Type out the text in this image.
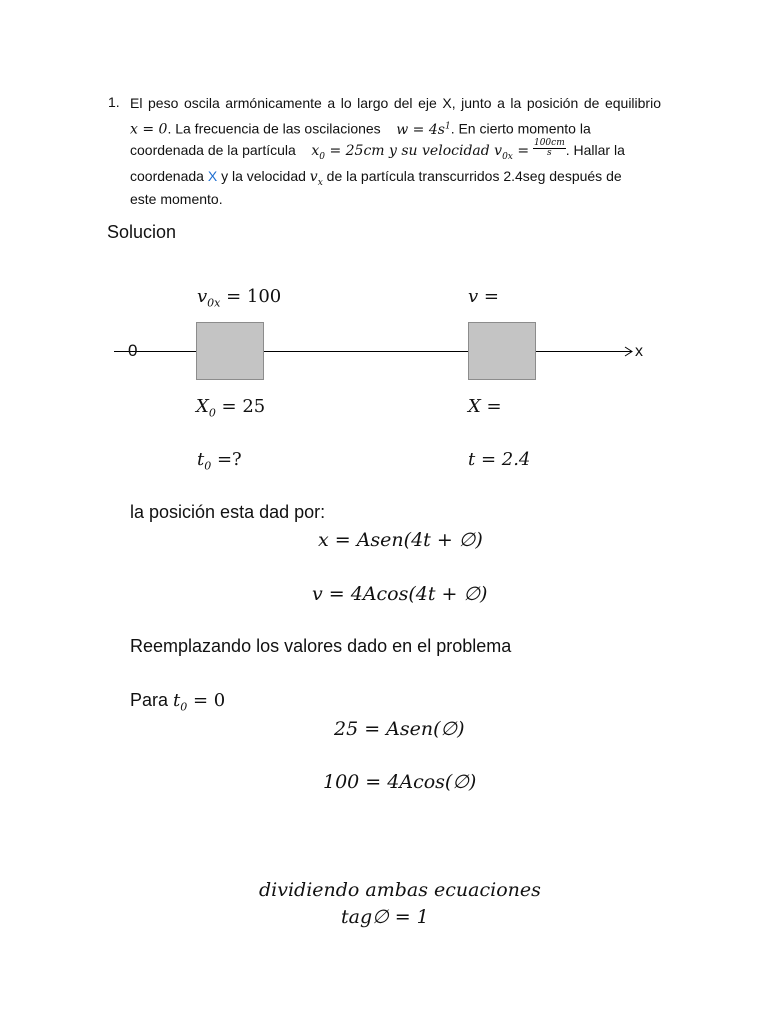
1. El peso oscila armónicamente a lo largo del eje X, junto a la posición de equilibrio
x = 0. La frecuencia de las oscilaciones $w = 4s^1$. En cierto momento la
coordenada de la partícula $x_0 = 25cm$ y su velocidad $v_{0x} = \frac{100cm}{s}$ . Hallar la
coordenada X y la velocidad $v_x$ de la partícula transcurridos 2.4seg después de
este momento.
Solucion
$v_{0x} = 100$	v =
0	x
$X_0 = 25$	X =
$t_0$ =?	t = 2.4
la posición esta dad por:
x = Asen(4t + ∅)
v = 4Acos(4t + ∅)
Reemplazando los valores dado en el problema
Para $t_0 = 0$
25 = Asen(∅)
100 = 4Acos(∅)
dividiendo ambas ecuaciones
tag∅ = 1
